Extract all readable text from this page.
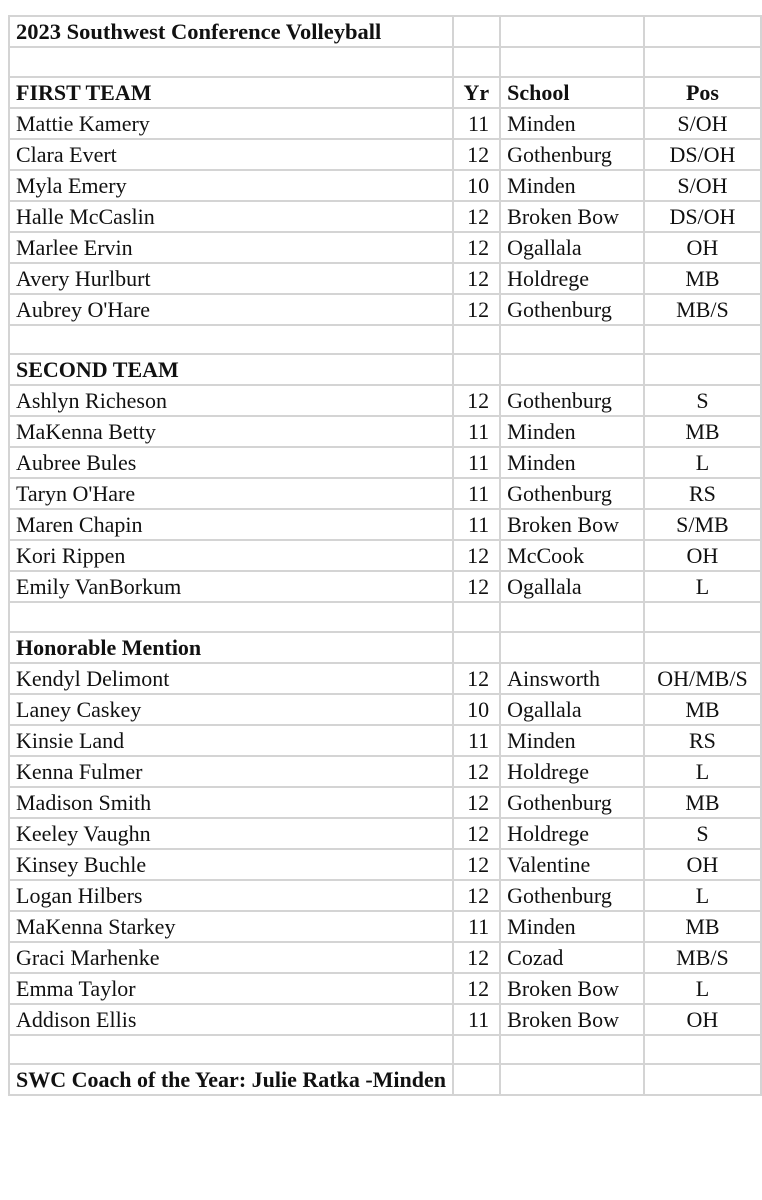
2023 Southwest Conference Volleyball			

FIRST TEAM	Yr	School	Pos
Mattie Kamery	11	Minden	S/OH
Clara Evert	12	Gothenburg	DS/OH
Myla Emery	10	Minden	S/OH
Halle McCaslin	12	Broken Bow	DS/OH
Marlee Ervin	12	Ogallala	OH
Avery Hurlburt	12	Holdrege	MB
Aubrey O'Hare	12	Gothenburg	MB/S

SECOND TEAM			
Ashlyn Richeson	12	Gothenburg	S
MaKenna Betty	11	Minden	MB
Aubree Bules	11	Minden	L
Taryn O'Hare	11	Gothenburg	RS
Maren Chapin	11	Broken Bow	S/MB
Kori Rippen	12	McCook	OH
Emily VanBorkum	12	Ogallala	L

Honorable Mention			
Kendyl Delimont	12	Ainsworth	OH/MB/S
Laney Caskey	10	Ogallala	MB
Kinsie Land	11	Minden	RS
Kenna Fulmer	12	Holdrege	L
Madison Smith	12	Gothenburg	MB
Keeley Vaughn	12	Holdrege	S
Kinsey Buchle	12	Valentine	OH
Logan Hilbers	12	Gothenburg	L
MaKenna Starkey	11	Minden	MB
Graci Marhenke	12	Cozad	MB/S
Emma Taylor	12	Broken Bow	L
Addison Ellis	11	Broken Bow	OH

SWC Coach of the Year: Julie Ratka -Minden			
